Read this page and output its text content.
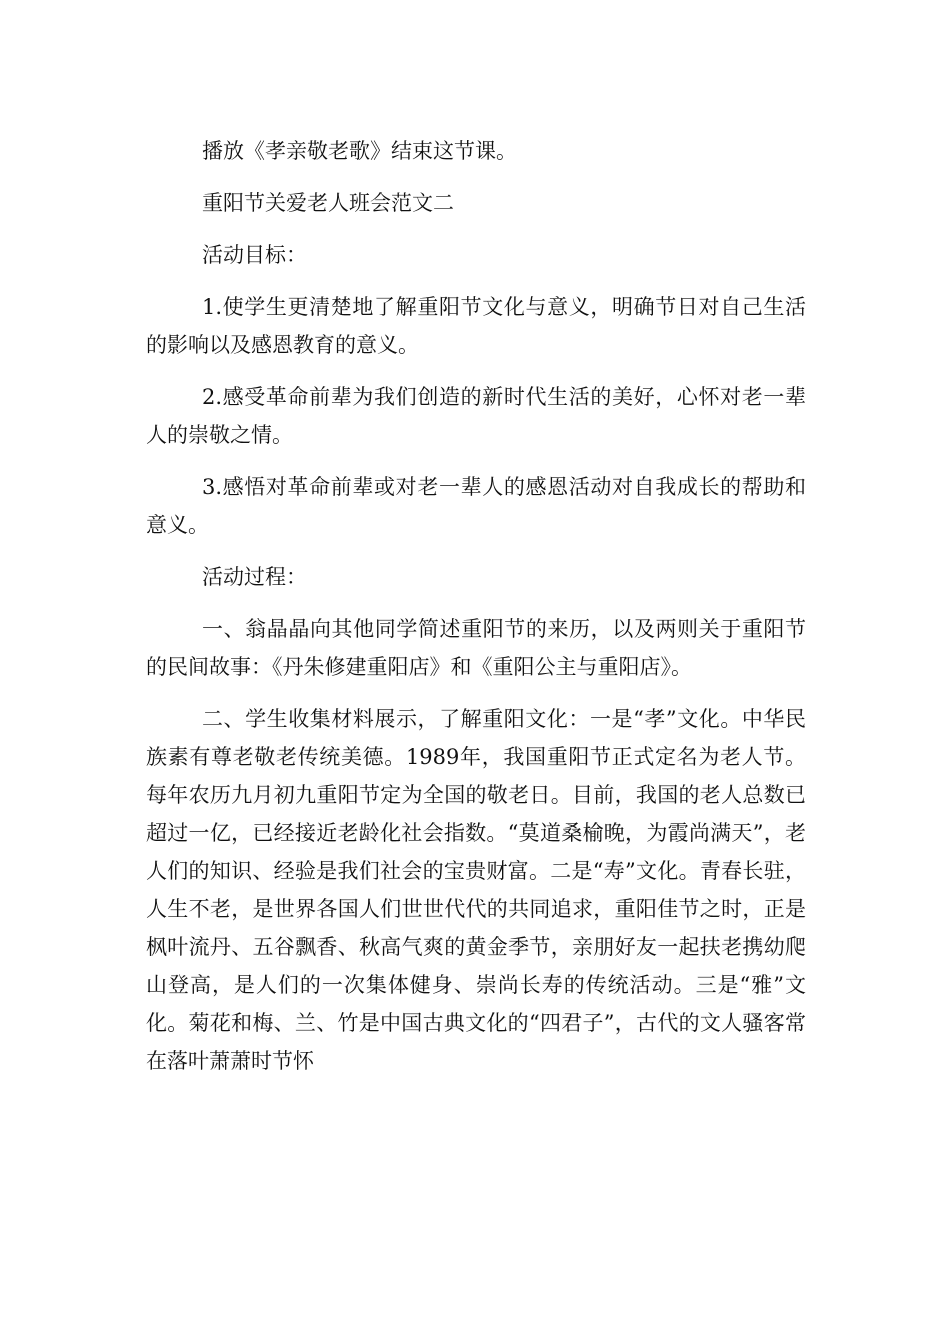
播放《孝亲敬老歌》结束这节课。

重阳节关爱老人班会范文二

活动目标：

1.使学生更清楚地了解重阳节文化与意义，明确节日对自己生活的影响以及感恩教育的意义。

2.感受革命前辈为我们创造的新时代生活的美好，心怀对老一辈人的崇敬之情。

3.感悟对革命前辈或对老一辈人的感恩活动对自我成长的帮助和意义。

活动过程：

一、翁晶晶向其他同学简述重阳节的来历，以及两则关于重阳节的民间故事：《丹朱修建重阳店》和《重阳公主与重阳店》。

二、学生收集材料展示，了解重阳文化：一是“孝”文化。中华民族素有尊老敬老传统美德。1989年，我国重阳节正式定名为老人节。每年农历九月初九重阳节定为全国的敬老日。目前，我国的老人总数已超过一亿，已经接近老龄化社会指数。“莫道桑榆晚，为霞尚满天”，老人们的知识、经验是我们社会的宝贵财富。二是“寿”文化。青春长驻，人生不老，是世界各国人们世世代代的共同追求，重阳佳节之时，正是枫叶流丹、五谷飘香、秋高气爽的黄金季节，亲朋好友一起扶老携幼爬山登高，是人们的一次集体健身、崇尚长寿的传统活动。三是“雅”文化。菊花和梅、兰、竹是中国古典文化的“四君子”，古代的文人骚客常在落叶萧萧时节怀
